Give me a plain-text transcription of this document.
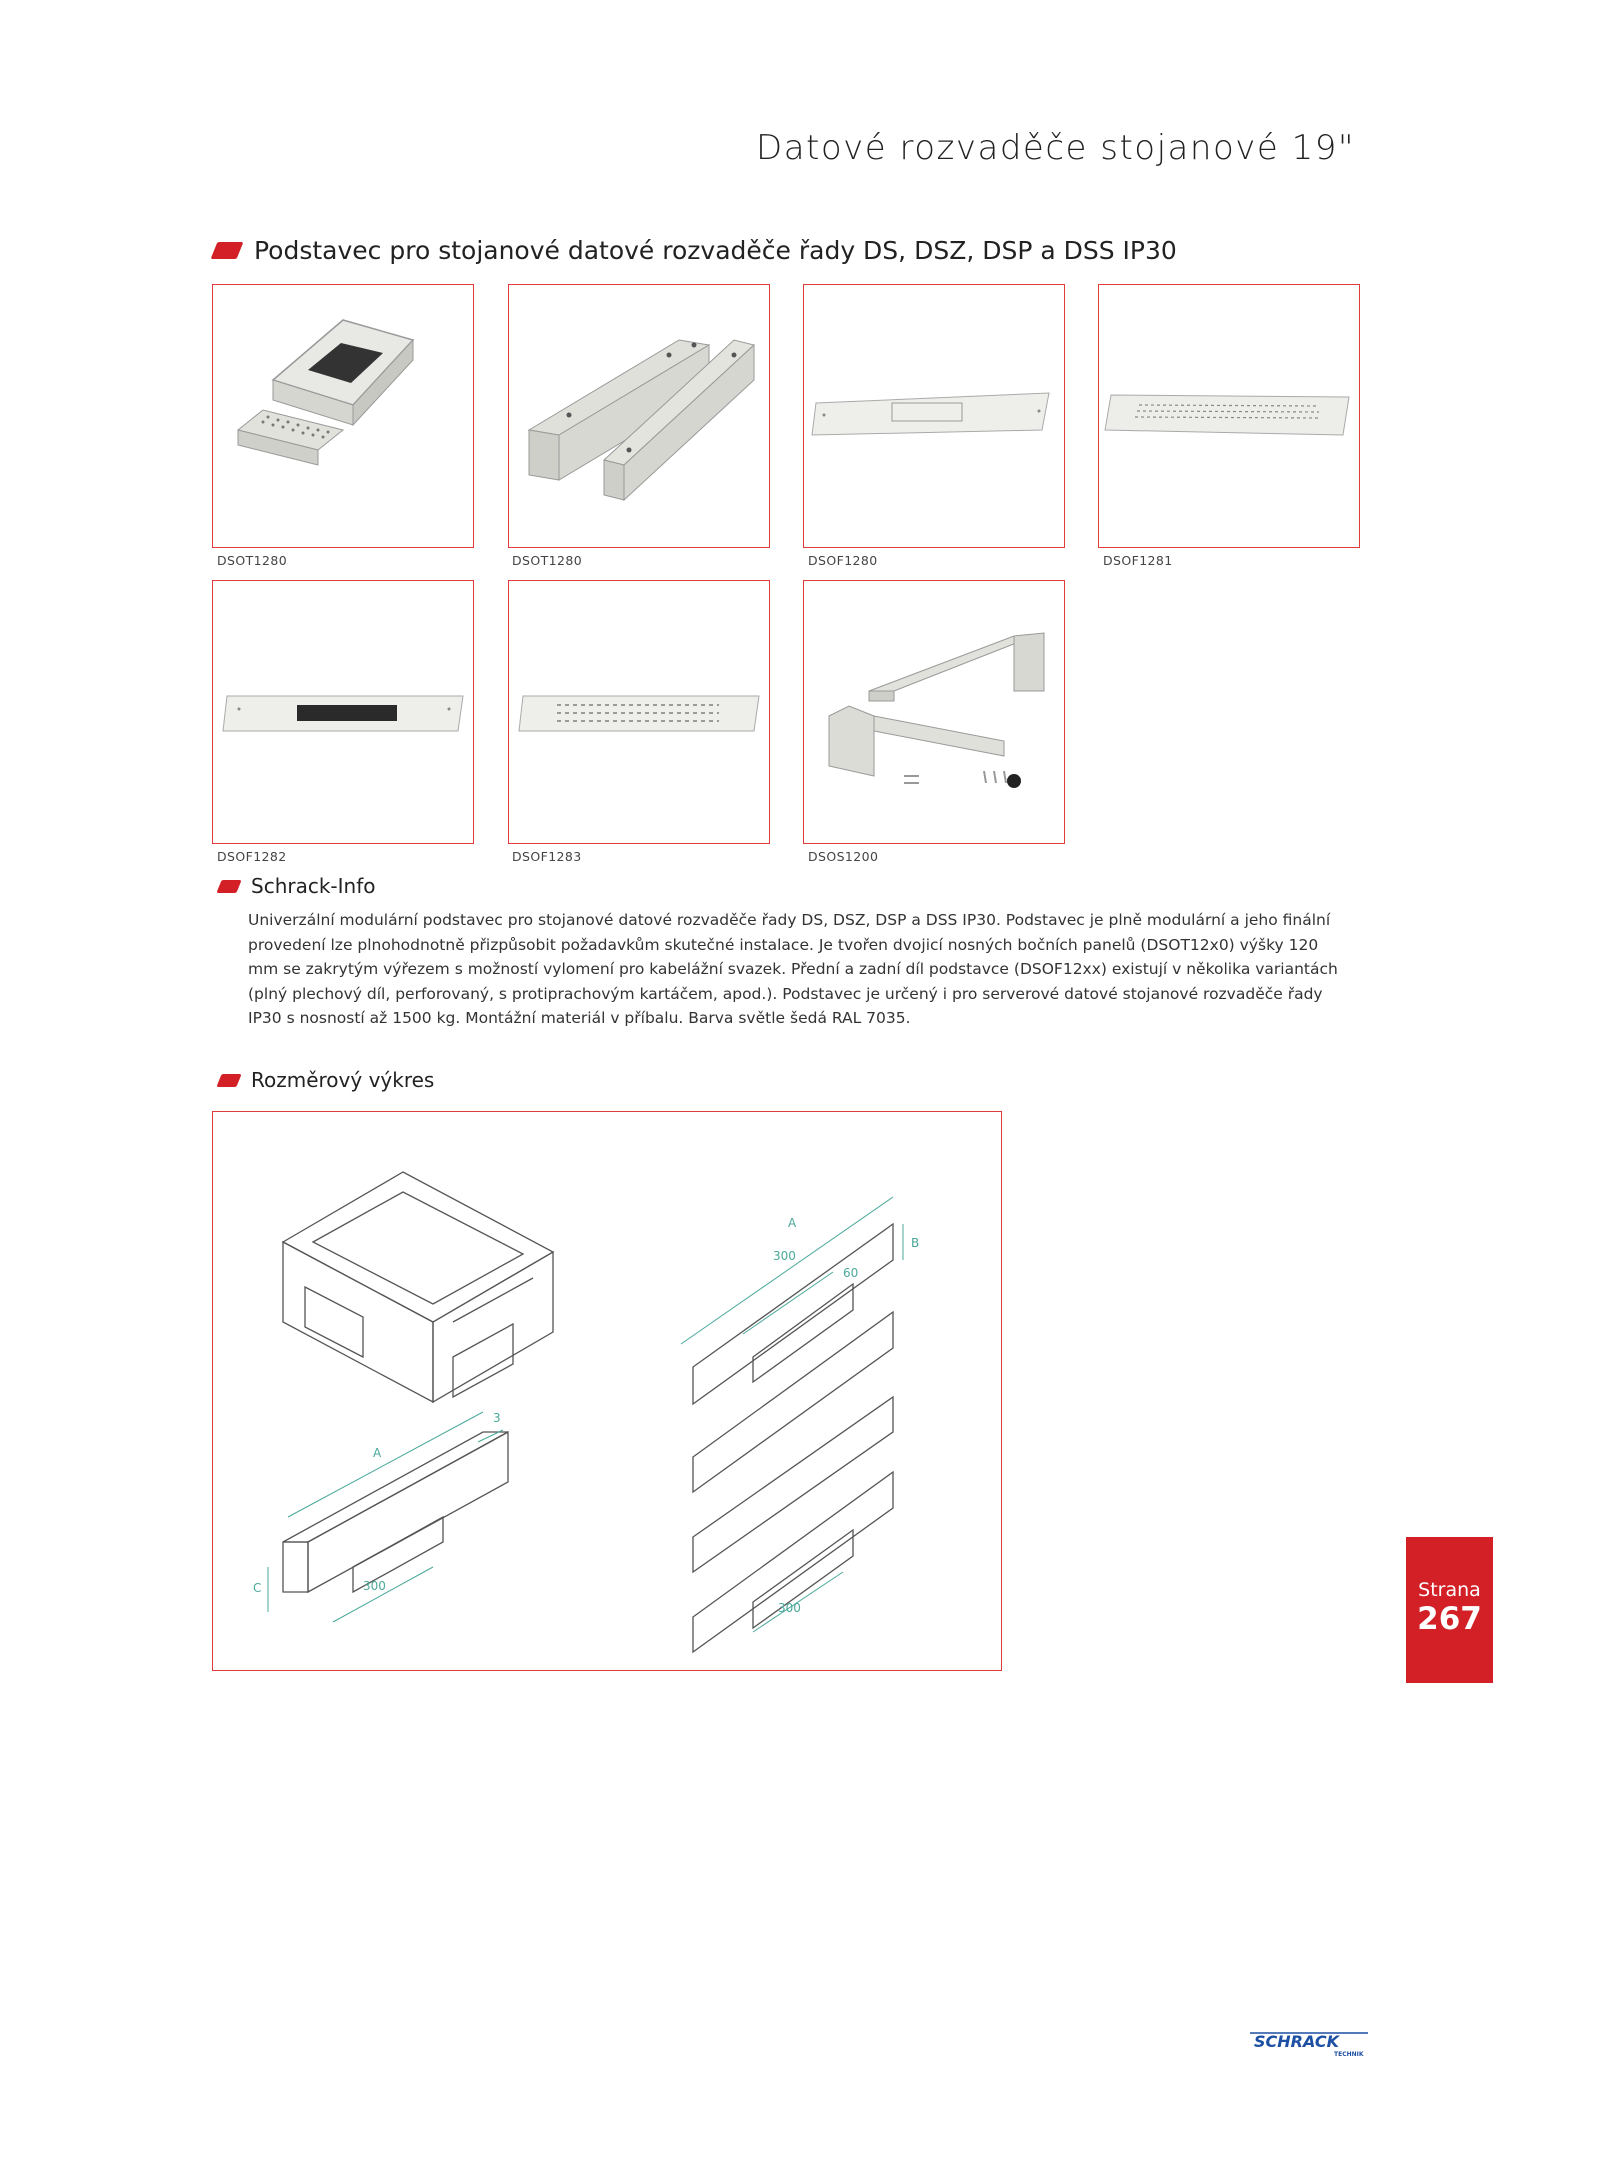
Datové rozvaděče stojanové 19"
Podstavec pro stojanové datové rozvaděče řady DS, DSZ, DSP a DSS IP30
DSOT1280	DSOT1280	DSOF1280	DSOF1281
DSOF1282	DSOF1283	DSOS1200
Schrack-Info
Univerzální modulární podstavec pro stojanové datové rozvaděče řady DS, DSZ, DSP a DSS IP30. Podstavec je plně modulární a jeho finální provedení lze plnohodnotně přizpůsobit požadavkům skutečné instalace. Je tvořen dvojicí nosných bočních panelů (DSOT12x0) výšky 120 mm se zakrytým výřezem s možností vylomení pro kabelážní svazek. Přední a zadní díl podstavce (DSOF12xx) existují v několika variantách (plný plechový díl, perforovaný, s protiprachovým kartáčem, apod.). Podstavec je určený i pro serverové datové stojanové rozvaděče řady IP30 s nosností až 1500 kg. Montážní materiál v příbalu. Barva světle šedá RAL 7035.
Rozměrový výkres
A
300
C
A
300
B
60
300
3
Strana
267
SCHRACK
TECHNIK
